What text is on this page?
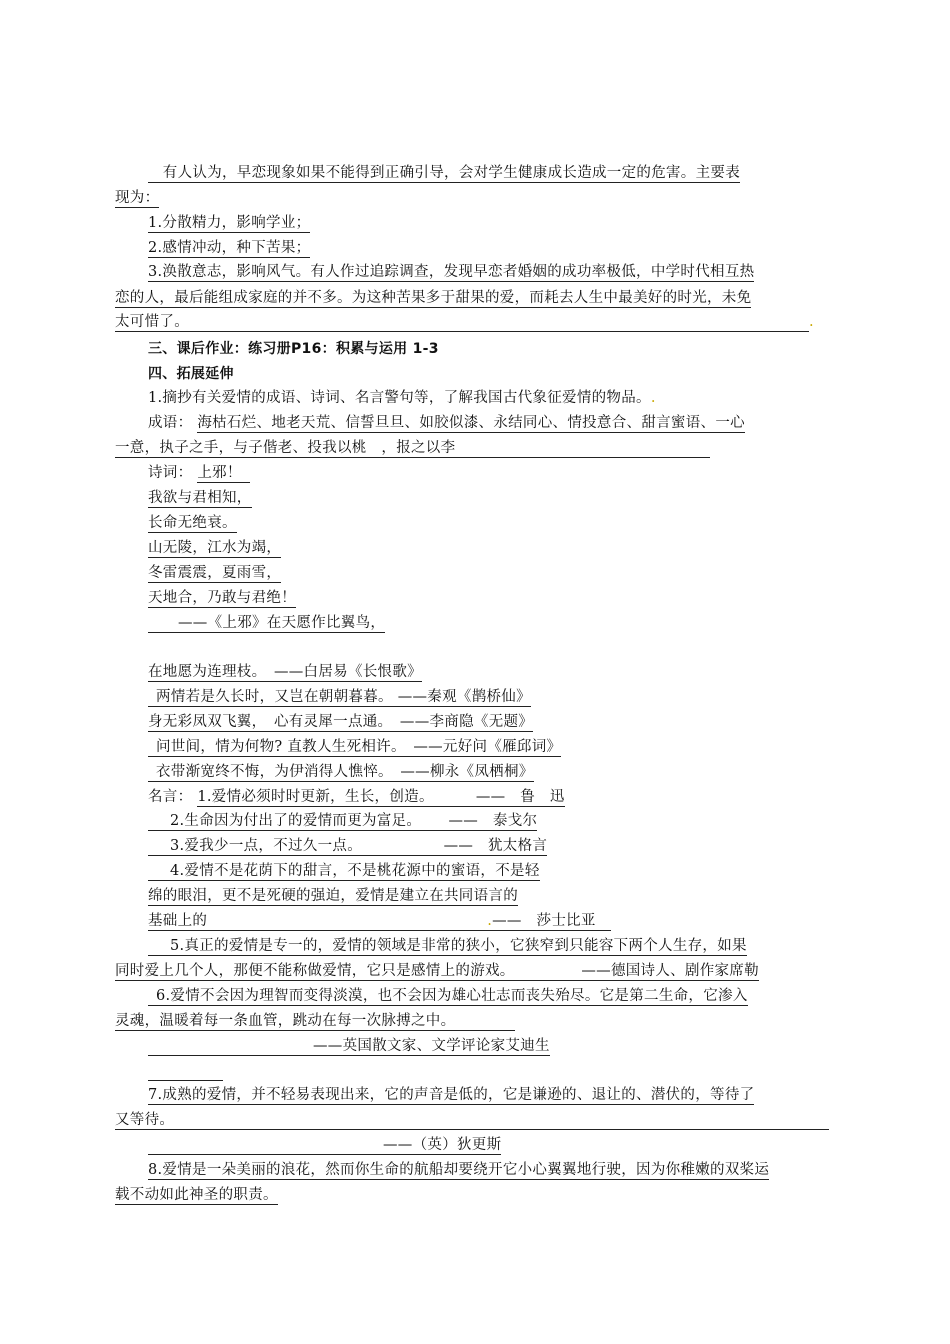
　有人认为，早恋现象如果不能得到正确引导，会对学生健康成长造成一定的危害。主要表
现为：
1.分散精力，影响学业；
2.感情冲动，种下苦果；
3.涣散意志，影响风气。有人作过追踪调查，发现早恋者婚姻的成功率极低，中学时代相互热
恋的人，最后能组成家庭的并不多。为这种苦果多于甜果的爱，而耗去人生中最美好的时光，未免
太可惜了。	.
三、课后作业：练习册P16：积累与运用 1-3
四、拓展延伸
1.摘抄有关爱情的成语、诗词、名言警句等，了解我国古代象征爱情的物品。.
成语： 海枯石烂、地老天荒、信誓旦旦、如胶似漆、永结同心、情投意合、甜言蜜语、一心
一意，执子之手，与子偕老、投我以桃　，报之以李
诗词： 上邪！
我欲与君相知，
长命无绝衰。
山无陵，江水为竭，
冬雷震震，夏雨雪，
天地合，乃敢与君绝！
——《上邪》在天愿作比翼鸟，
在地愿为连理枝。　——白居易《长恨歌》
两情若是久长时，又岂在朝朝暮暮。 ——秦观《鹊桥仙》
身无彩凤双飞翼，　心有灵犀一点通。　——李商隐《无题》
问世间，情为何物? 直教人生死相许。　——元好问《雁邱词》
衣带渐宽终不悔，为伊消得人憔悴。　——柳永《凤栖桐》
名言： 1.爱情必须时时更新，生长，创造。　　　 ——　鲁　迅
2.生命因为付出了的爱情而更为富足。　　 ——　泰戈尔
3.爱我少一点，不过久一点。　　　　　　——　犹太格言
4.爱情不是花荫下的甜言，不是桃花源中的蜜语，不是轻
绵的眼泪，更不是死硬的强迫，爱情是建立在共同语言的
基础上的	.——　莎士比亚　
5.真正的爱情是专一的，爱情的领域是非常的狭小，它狭窄到只能容下两个人生存，如果
同时爱上几个人，那便不能称做爱情，它只是感情上的游戏。　　　　　——德国诗人、剧作家席勒
6.爱情不会因为理智而变得淡漠，也不会因为雄心壮志而丧失殆尽。它是第二生命，它渗入
灵魂，温暖着每一条血管，跳动在每一次脉搏之中。
——英国散文家、文学评论家艾迪生
7.成熟的爱情，并不轻易表现出来，它的声音是低的，它是谦逊的、退让的、潜伏的，等待了
又等待。
——（英）狄更斯
8.爱情是一朵美丽的浪花，然而你生命的航船却要绕开它小心翼翼地行驶，因为你稚嫩的双桨运
载不动如此神圣的职责。
